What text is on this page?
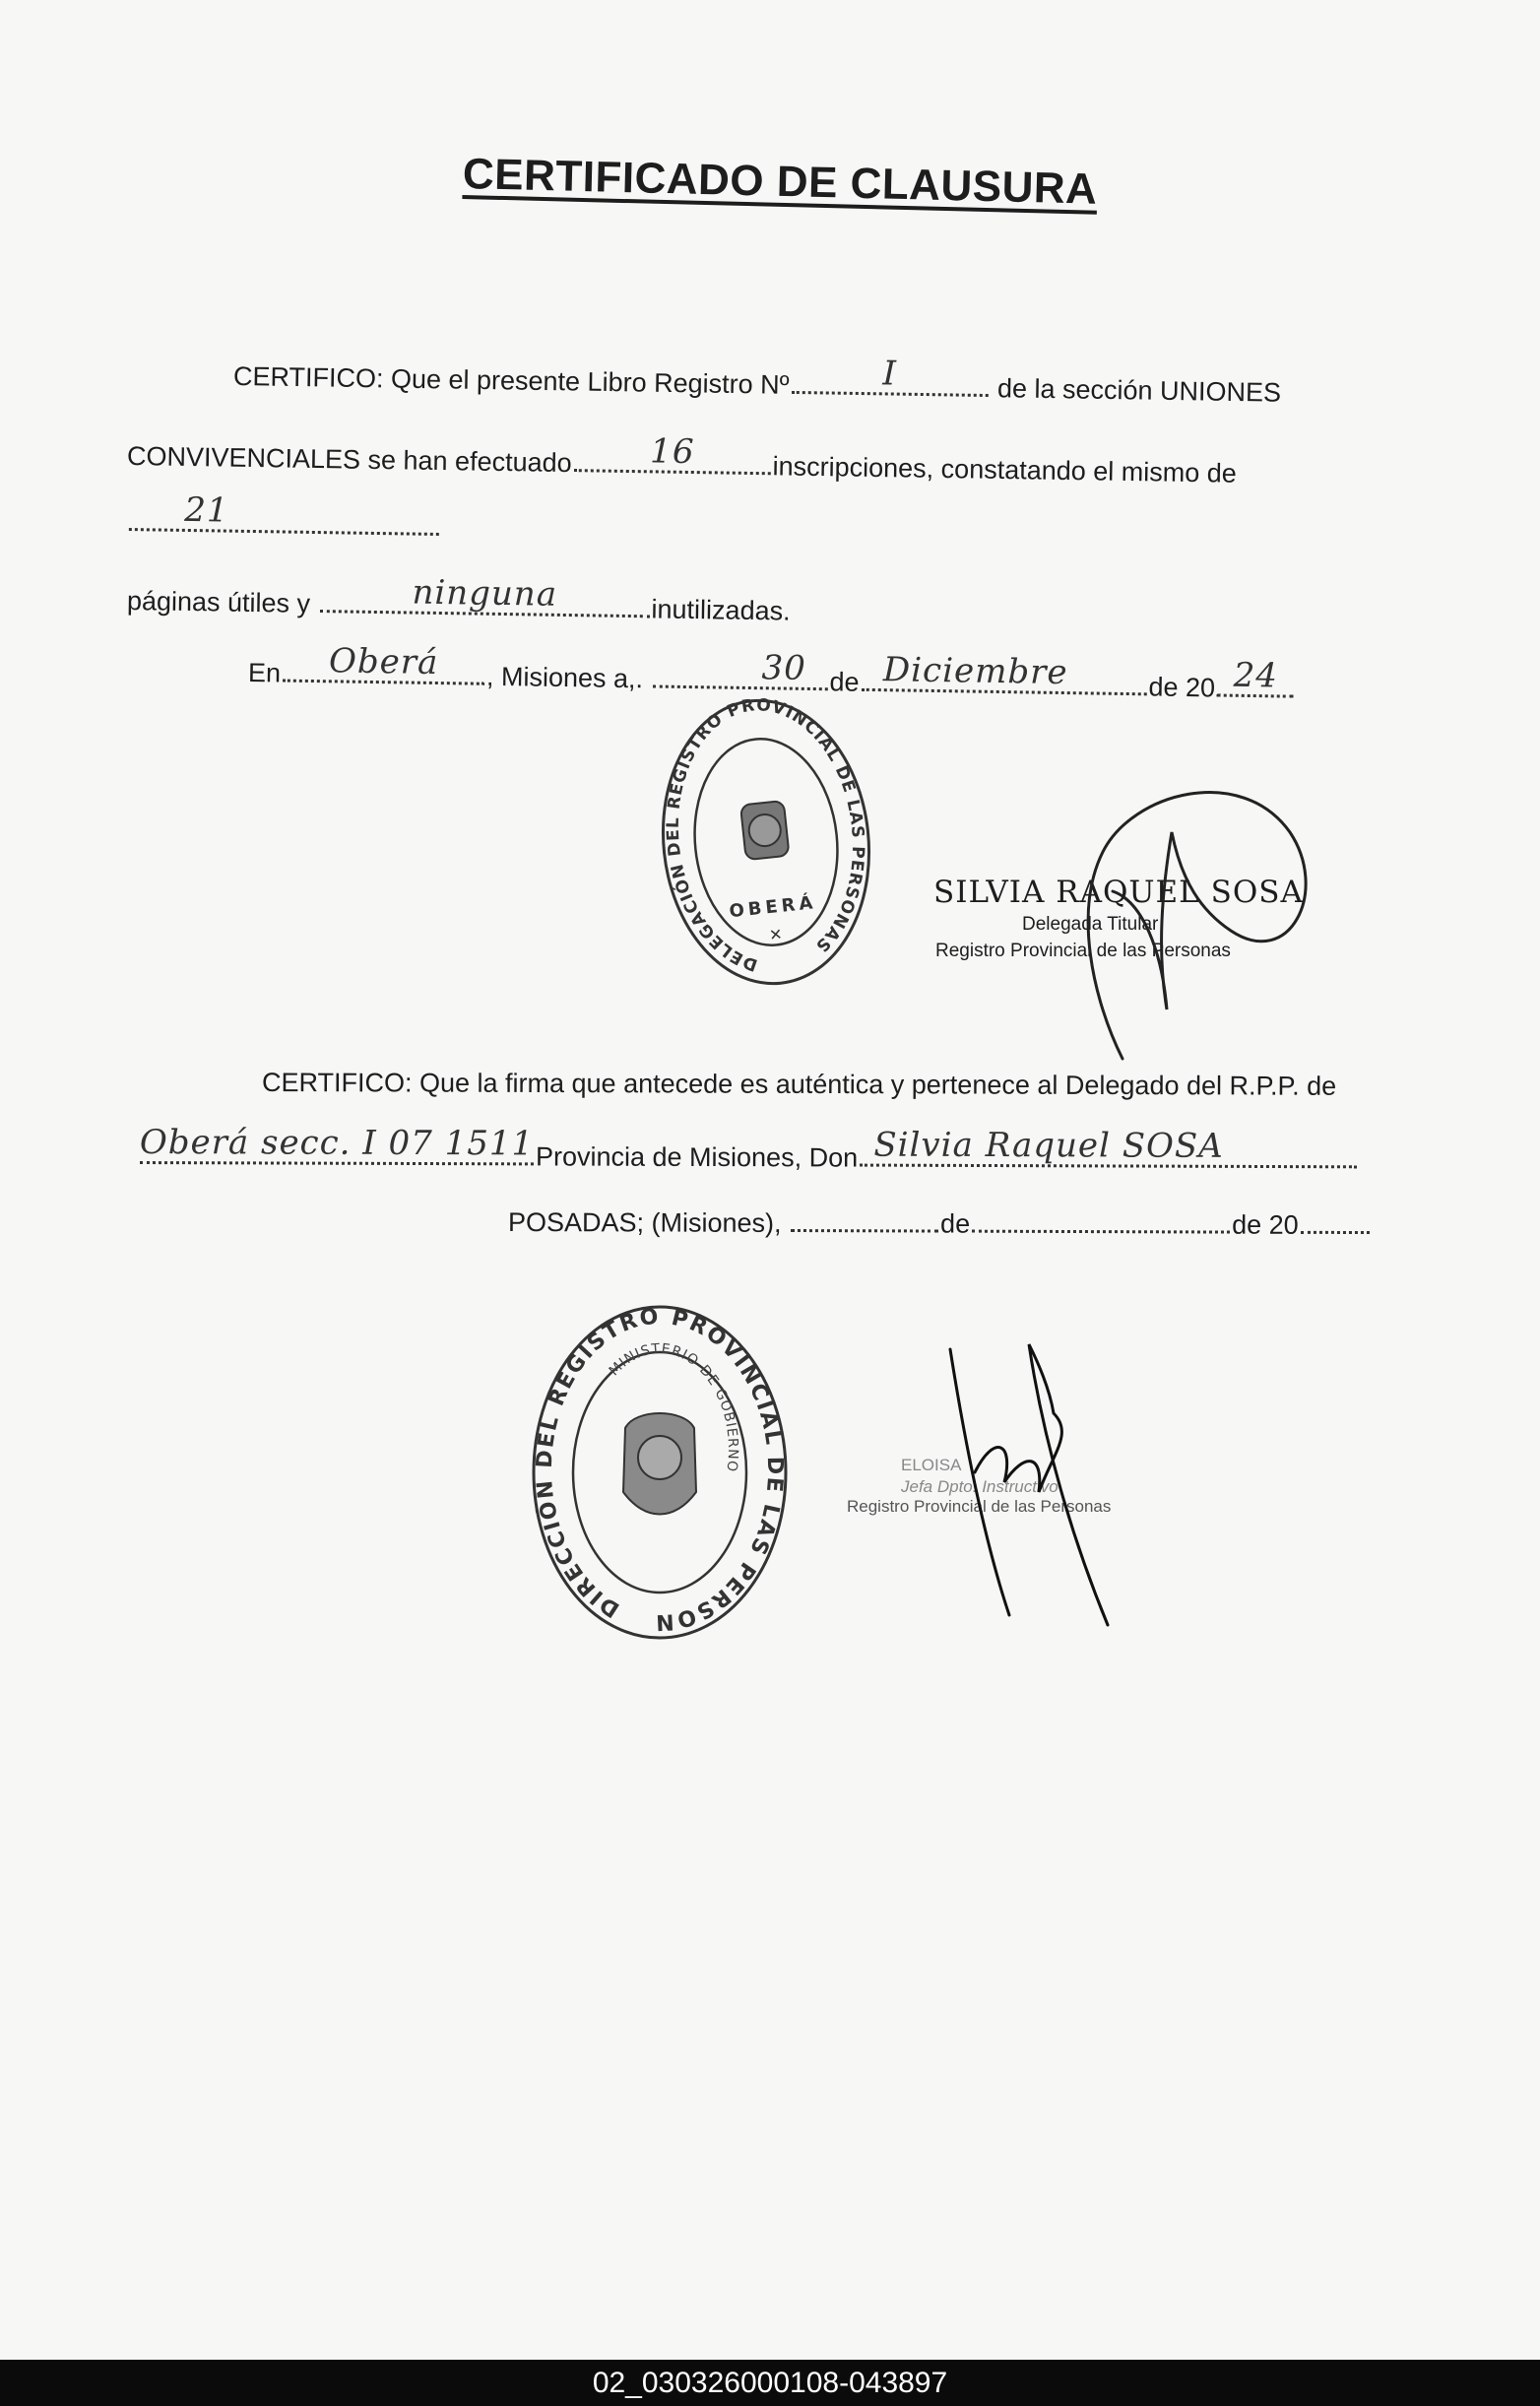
CERTIFICADO DE CLAUSURA
CERTIFICO: Que el presente Libro Registro Nº	I	de la sección UNIONES
CONVIVENCIALES se han efectuado 16	inscripciones, constatando el mismo de
21
páginas útiles y	ninguna	inutilizadas.
En Oberá , Misiones a,.	30 de Diciembre	de 20 24
DELEGACIÓN DEL REGISTRO PROVINCIAL DE LAS PERSONAS
OBERÁ
✕
SILVIA RAQUEL SOSA
Delegada Titular
Registro Provincial de las Personas
CERTIFICO: Que la firma que antecede es auténtica y pertenece al Delegado del R.P.P. de
Oberá secc. I 07 1511 Provincia de Misiones, Don Silvia Raquel SOSA
POSADAS; (Misiones),	de	de 20
DIRECCIÓN DEL REGISTRO PROVINCIAL DE LAS PERSONAS
MINISTERIO DE GOBIERNO	ELOISA
Jefa Dpto. Instructivo
Registro Provincial de las Personas
02_030326000108-043897
